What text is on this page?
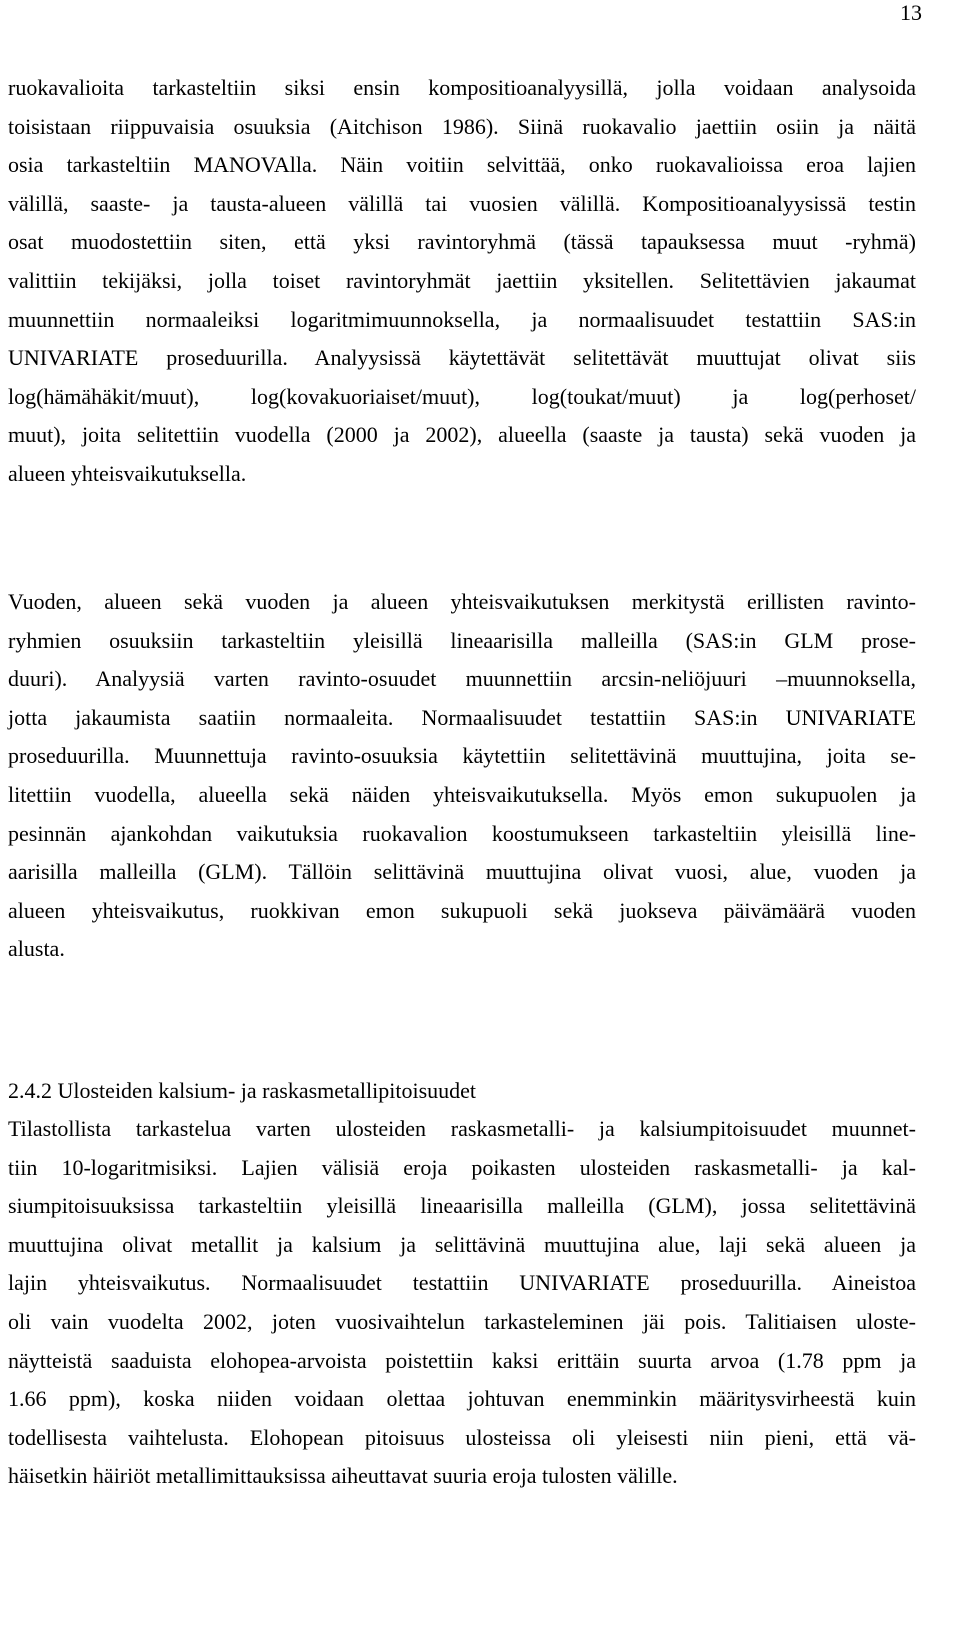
13
ruokavalioita tarkasteltiin siksi ensin kompositioanalyysillä, jolla voidaan analysoida
toisistaan riippuvaisia osuuksia (Aitchison 1986). Siinä ruokavalio jaettiin osiin ja näitä
osia tarkasteltiin MANOVAlla. Näin voitiin selvittää, onko ruokavalioissa eroa lajien
välillä, saaste- ja tausta-alueen välillä tai vuosien välillä. Kompositioanalyysissä testin
osat muodostettiin siten, että yksi ravintoryhmä (tässä tapauksessa muut -ryhmä)
valittiin tekijäksi, jolla toiset ravintoryhmät jaettiin yksitellen. Selitettävien jakaumat
muunnettiin normaaleiksi logaritmimuunnoksella, ja normaalisuudet testattiin SAS:in
UNIVARIATE proseduurilla. Analyysissä käytettävät selitettävät muuttujat olivat siis
log(hämähäkit/muut), log(kovakuoriaiset/muut), log(toukat/muut) ja log(perhoset/
muut), joita selitettiin vuodella (2000 ja 2002), alueella (saaste ja tausta) sekä vuoden ja
alueen yhteisvaikutuksella.
Vuoden, alueen sekä vuoden ja alueen yhteisvaikutuksen merkitystä erillisten ravinto-
ryhmien osuuksiin tarkasteltiin yleisillä lineaarisilla malleilla (SAS:in GLM prose-
duuri). Analyysiä varten ravinto-osuudet muunnettiin arcsin-neliöjuuri –muunnoksella,
jotta jakaumista saatiin normaaleita. Normaalisuudet testattiin SAS:in UNIVARIATE
proseduurilla. Muunnettuja ravinto-osuuksia käytettiin selitettävinä muuttujina, joita se-
litettiin vuodella, alueella sekä näiden yhteisvaikutuksella. Myös emon sukupuolen ja
pesinnän ajankohdan vaikutuksia ruokavalion koostumukseen tarkasteltiin yleisillä line-
aarisilla malleilla (GLM). Tällöin selittävinä muuttujina olivat vuosi, alue, vuoden ja
alueen yhteisvaikutus, ruokkivan emon sukupuoli sekä juokseva päivämäärä vuoden
alusta.
2.4.2 Ulosteiden kalsium- ja raskasmetallipitoisuudet
Tilastollista tarkastelua varten ulosteiden raskasmetalli- ja kalsiumpitoisuudet muunnet-
tiin 10-logaritmisiksi. Lajien välisiä eroja poikasten ulosteiden raskasmetalli- ja kal-
siumpitoisuuksissa tarkasteltiin yleisillä lineaarisilla malleilla (GLM), jossa selitettävinä
muuttujina olivat metallit ja kalsium ja selittävinä muuttujina alue, laji sekä alueen ja
lajin yhteisvaikutus. Normaalisuudet testattiin UNIVARIATE proseduurilla. Aineistoa
oli vain vuodelta 2002, joten vuosivaihtelun tarkasteleminen jäi pois. Talitiaisen uloste-
näytteistä saaduista elohopea-arvoista poistettiin kaksi erittäin suurta arvoa (1.78 ppm ja
1.66 ppm), koska niiden voidaan olettaa johtuvan enemminkin määritysvirheestä kuin
todellisesta vaihtelusta. Elohopean pitoisuus ulosteissa oli yleisesti niin pieni, että vä-
häisetkin häiriöt metallimittauksissa aiheuttavat suuria eroja tulosten välille.
